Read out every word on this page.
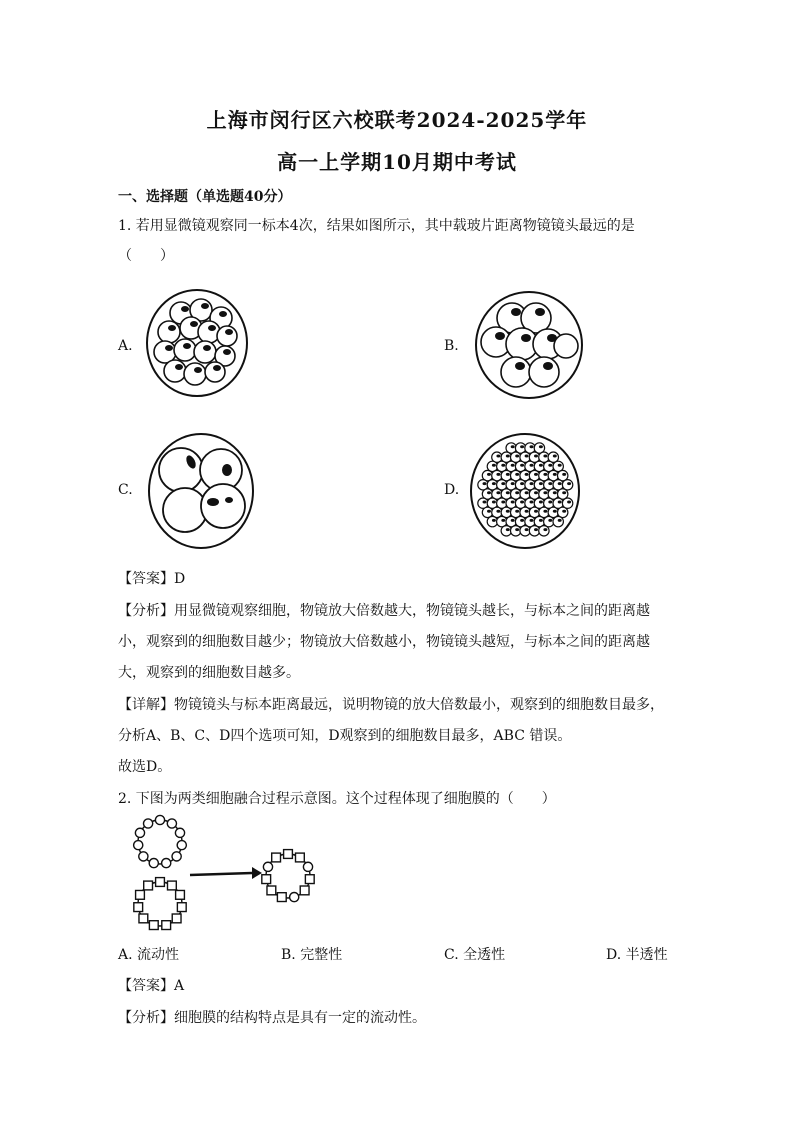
上海市闵行区六校联考2024-2025学年
高一上学期10月期中考试
一、选择题（单选题40分）
1. 若用显微镜观察同一标本4次，结果如图所示，其中载玻片距离物镜镜头最远的是
（　　）
A.	B.
C.	D.
【答案】D
【分析】用显微镜观察细胞，物镜放大倍数越大，物镜镜头越长，与标本之间的距离越
小，观察到的细胞数目越少；物镜放大倍数越小，物镜镜头越短，与标本之间的距离越
大，观察到的细胞数目越多。
【详解】物镜镜头与标本距离最远，说明物镜的放大倍数最小，观察到的细胞数目最多，
分析A、B、C、D四个选项可知，D观察到的细胞数目最多，ABC 错误。
故选D。
2. 下图为两类细胞融合过程示意图。这个过程体现了细胞膜的（　　）
A. 流动性	B. 完整性	C. 全透性	D. 半透性
【答案】A
【分析】细胞膜的结构特点是具有一定的流动性。
